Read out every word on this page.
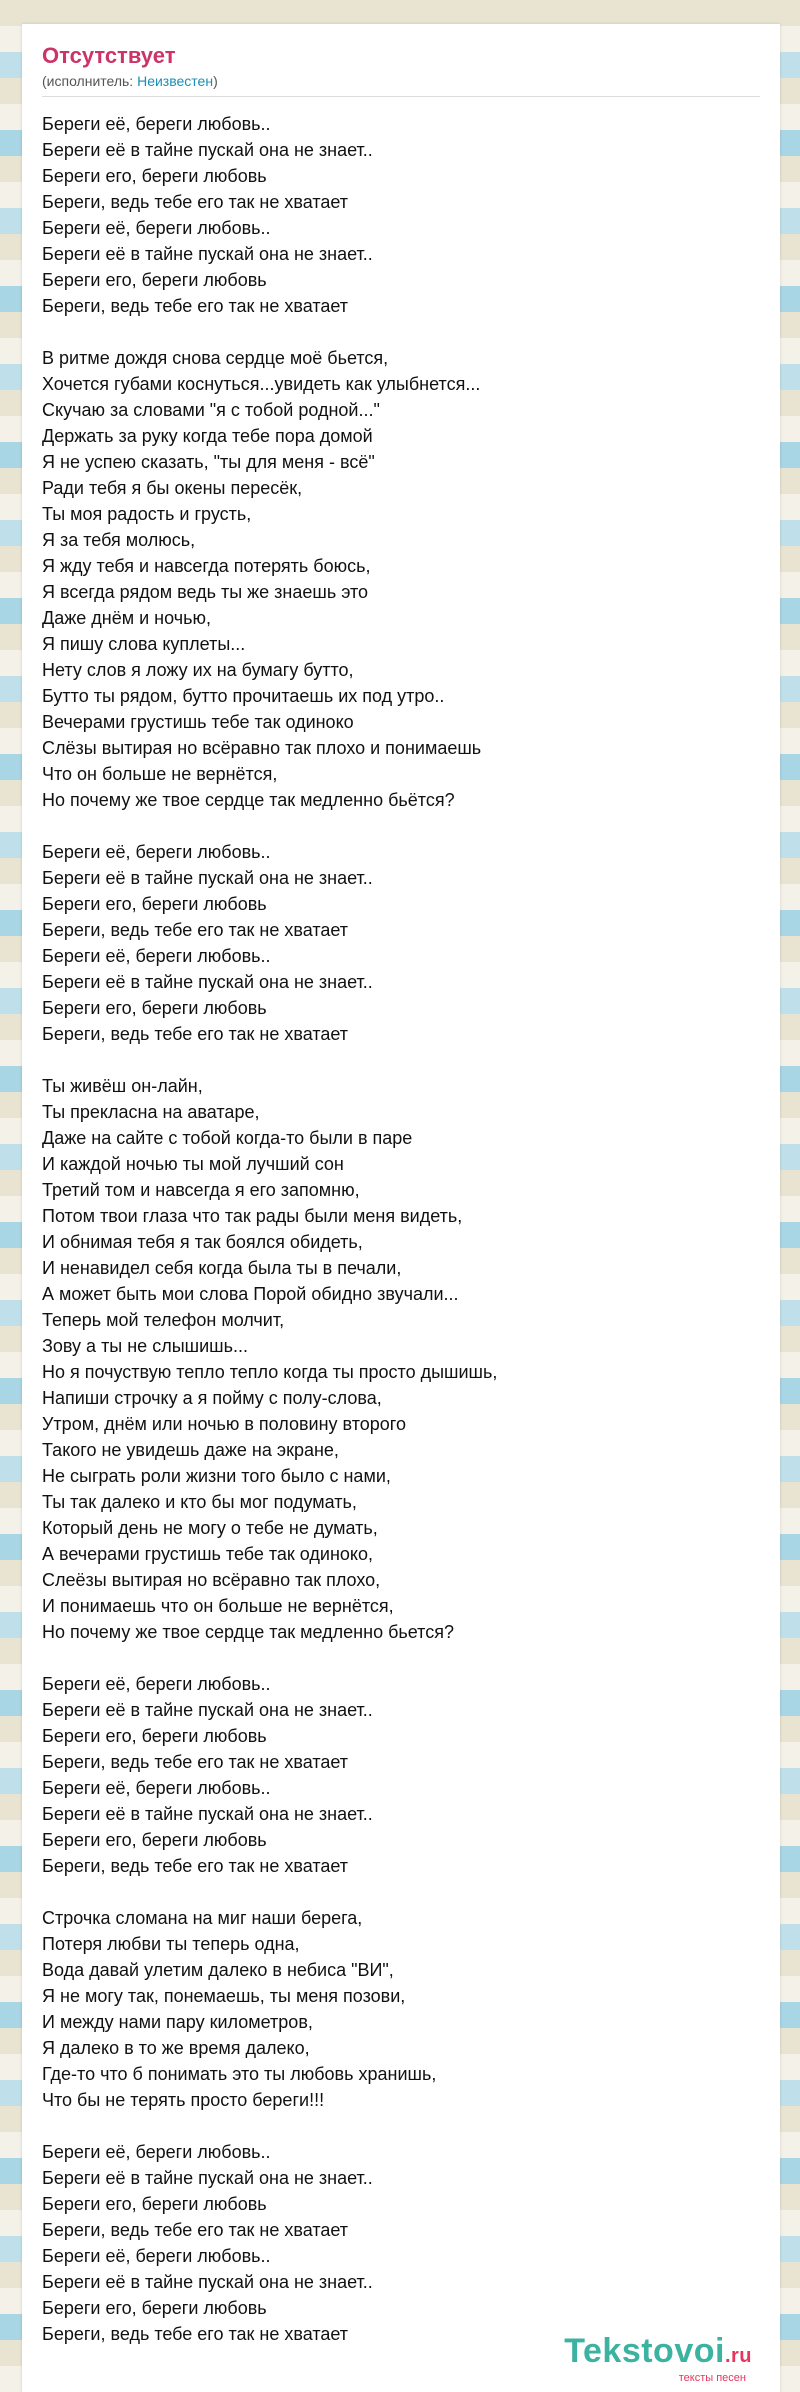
Отсутствует
(исполнитель: Неизвестен)
Береги её, береги любовь..
Береги её в тайне пускай она не знает..
Береги его, береги любовь
Береги, ведь тебе его так не хватает
Береги её, береги любовь..
Береги её в тайне пускай она не знает..
Береги его, береги любовь
Береги, ведь тебе его так не хватает
В ритме дождя снова сердце моё бьется,
Хочется губами коснуться...увидеть как улыбнется...
Скучаю за словами "я с тобой родной..."
Держать за руку когда тебе пора домой
Я не успею сказать, "ты для меня - всё"
Ради тебя я бы окены пересёк,
Ты моя радость и грусть,
Я за тебя молюсь,
Я жду тебя и навсегда потерять боюсь,
Я всегда рядом ведь ты же знаешь это
Даже днём и ночью,
Я пишу слова куплеты...
Нету слов я ложу их на бумагу бутто,
Бутто ты рядом, бутто прочитаешь их под утро..
Вечерами грустишь тебе так одиноко
Слёзы вытирая но всёравно так плохо и понимаешь
Что он больше не вернётся,
Но почему же твое сердце так медленно бьётся?
Береги её, береги любовь..
Береги её в тайне пускай она не знает..
Береги его, береги любовь
Береги, ведь тебе его так не хватает
Береги её, береги любовь..
Береги её в тайне пускай она не знает..
Береги его, береги любовь
Береги, ведь тебе его так не хватает
Ты живёш он-лайн,
Ты прекласна на аватаре,
Даже на сайте с тобой когда-то были в паре
И каждой ночью ты мой лучший сон
Третий том и навсегда я его запомню,
Потом твои глаза что так рады были меня видеть,
И обнимая тебя я так боялся обидеть,
И ненавидел себя когда была ты в печали,
А может быть мои слова Порой обидно звучали...
Теперь мой телефон молчит,
Зову а ты не слышишь...
Но я почуствую тепло тепло когда ты просто дышишь,
Напиши строчку а я пойму с полу-слова,
Утром, днём или ночью в половину второго
Такого не увидешь даже на экране,
Не сыграть роли жизни того было с нами,
Ты так далеко и кто бы мог подумать,
Который день не могу о тебе не думать,
А вечерами грустишь тебе так одиноко,
Слеёзы вытирая но всёравно так плохо,
И понимаешь что он больше не вернётся,
Но почему же твое сердце так медленно бьется?
Береги её, береги любовь..
Береги её в тайне пускай она не знает..
Береги его, береги любовь
Береги, ведь тебе его так не хватает
Береги её, береги любовь..
Береги её в тайне пускай она не знает..
Береги его, береги любовь
Береги, ведь тебе его так не хватает
Строчка сломана на миг наши берега,
Потеря любви ты теперь одна,
Вода давай улетим далеко в небиса "ВИ",
Я не могу так, понемаешь, ты меня позови,
И между нами пару километров,
Я далеко в то же время далеко,
Где-то что б понимать это ты любовь хранишь,
Что бы не терять просто береги!!!
Береги её, береги любовь..
Береги её в тайне пускай она не знает..
Береги его, береги любовь
Береги, ведь тебе его так не хватает
Береги её, береги любовь..
Береги её в тайне пускай она не знает..
Береги его, береги любовь
Береги, ведь тебе его так не хватает	Tekstovoi.ru
тексты песен
